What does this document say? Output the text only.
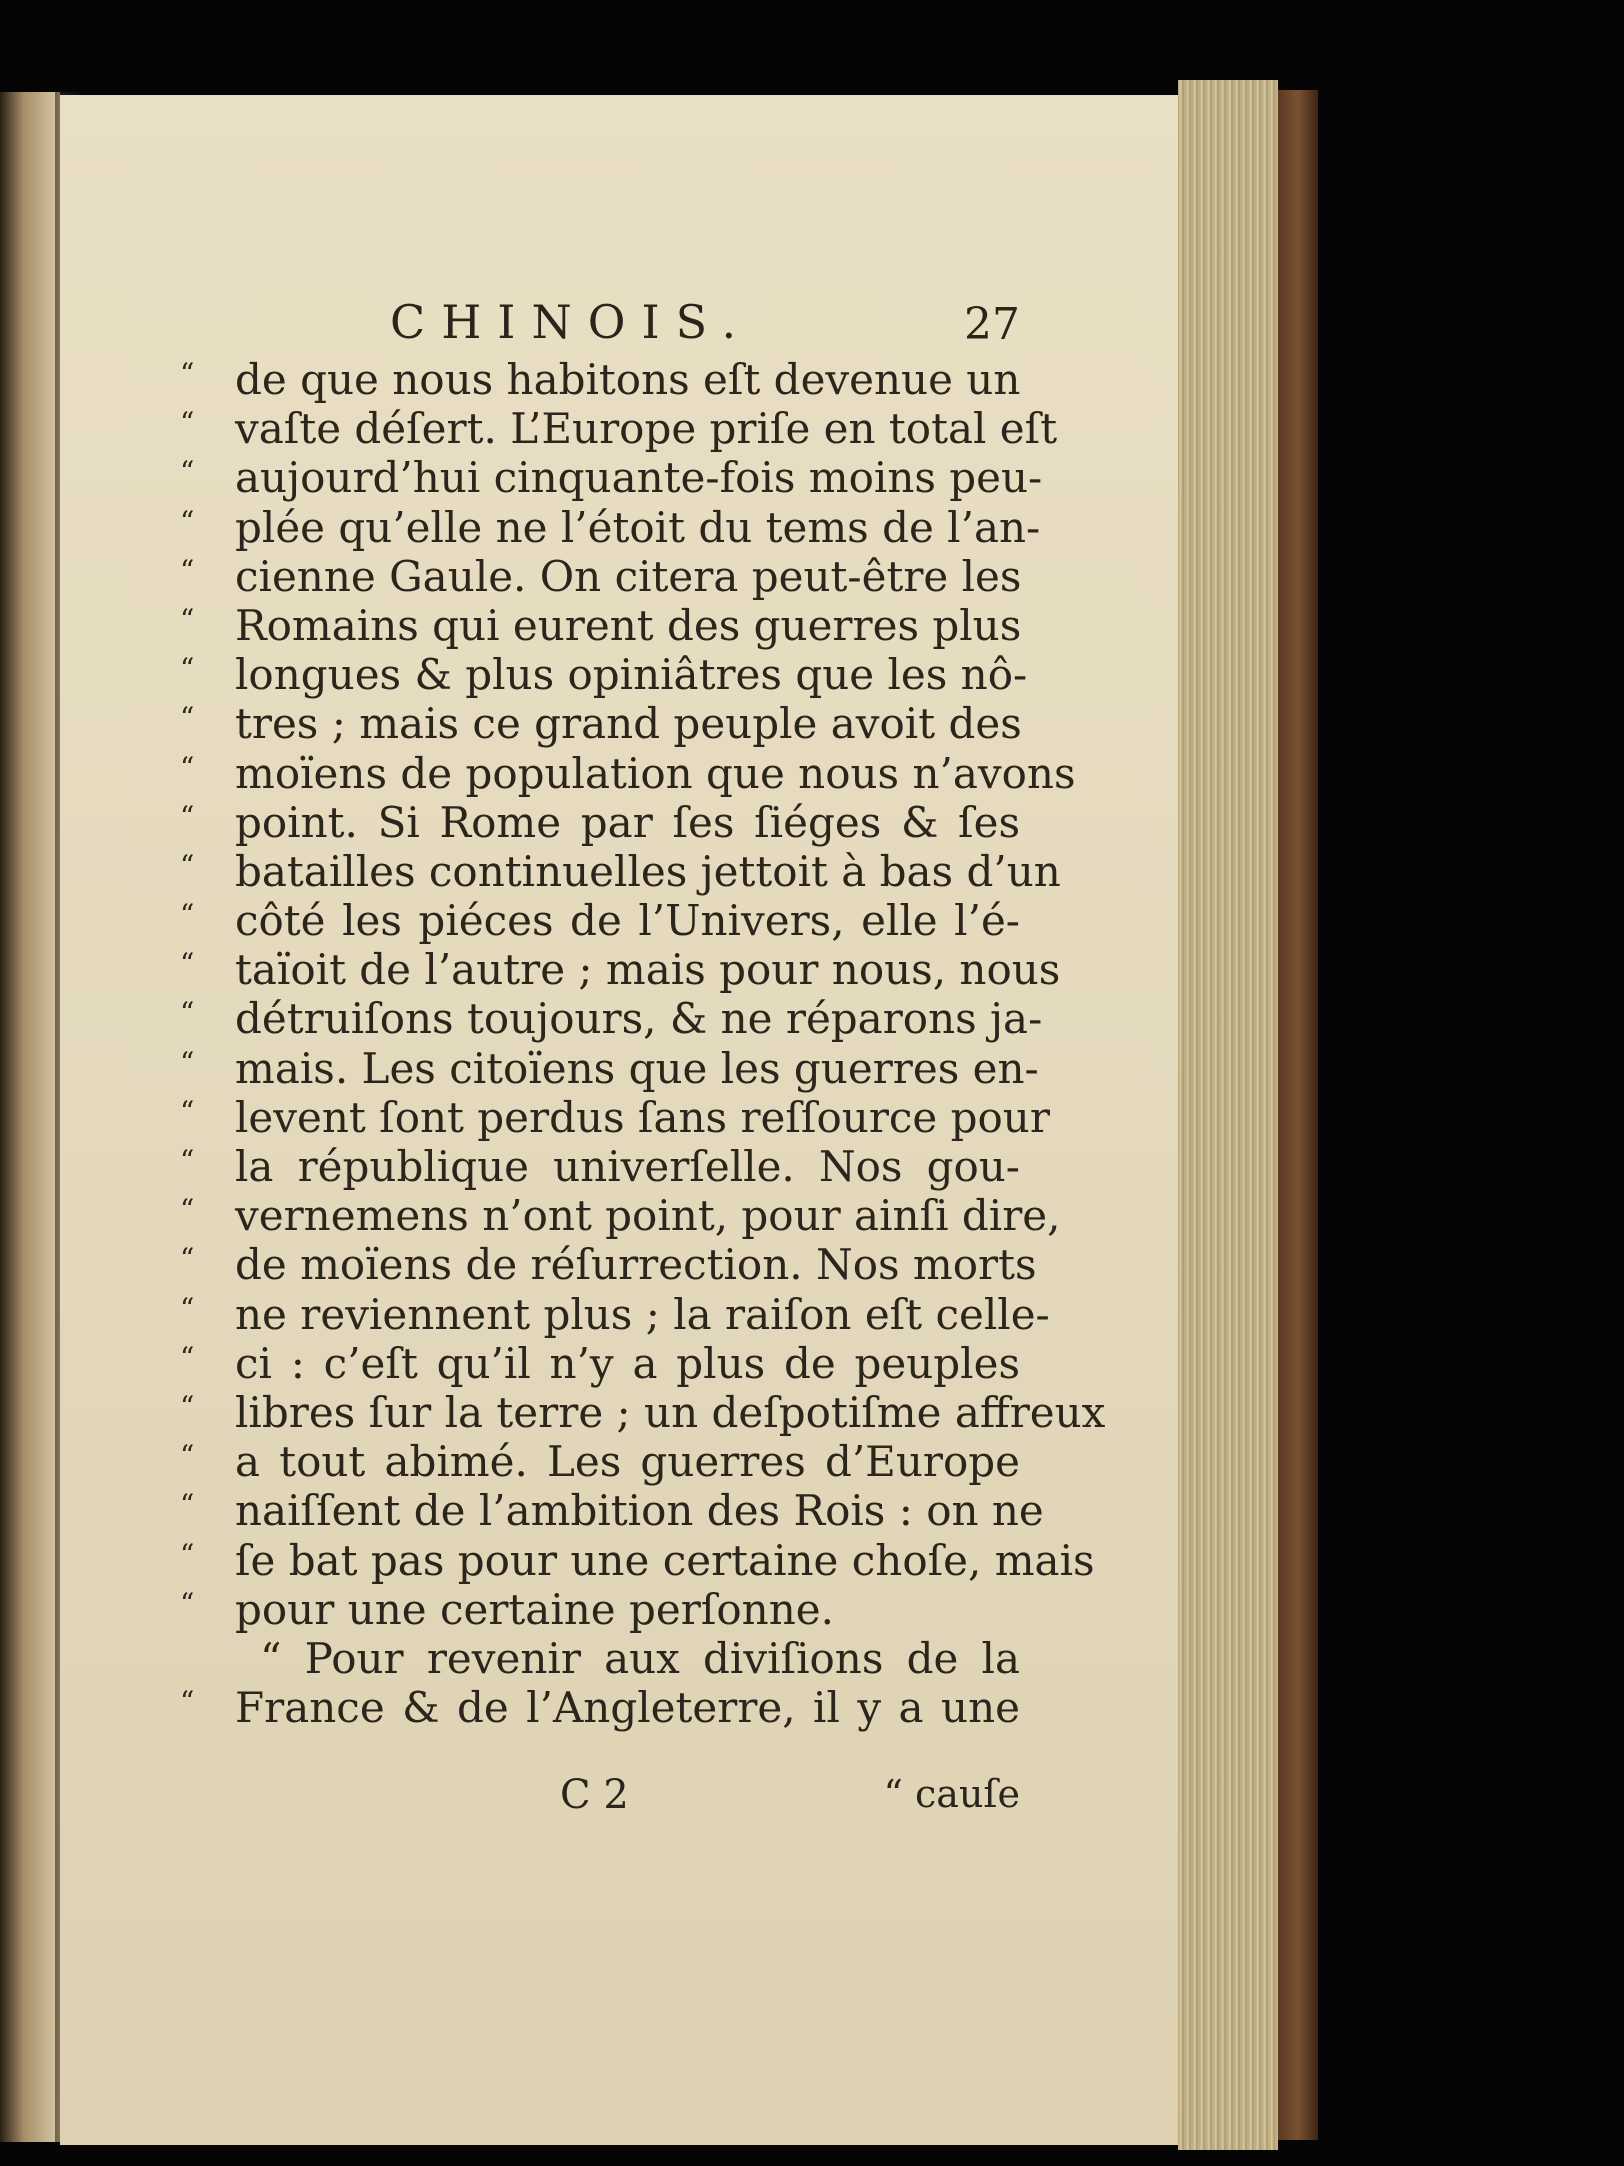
CHINOIS.	27
“ de que nous habitons eſt devenue un
“ vaſte déſert. L’Europe priſe en total eſt
“ aujourd’hui cinquante-fois moins peu-
“ plée qu’elle ne l’étoit du tems de l’an-
“ cienne Gaule. On citera peut-être les
“ Romains qui eurent des guerres plus
“ longues & plus opiniâtres que les nô-
“ tres ; mais ce grand peuple avoit des
“ moïens de population que nous n’avons
“ point. Si Rome par ſes ſiéges & ſes
“ batailles continuelles jettoit à bas d’un
“ côté les piéces de l’Univers, elle l’é-
“ taïoit de l’autre ; mais pour nous, nous
“ détruiſons toujours, & ne réparons ja-
“ mais. Les citoïens que les guerres en-
“ levent ſont perdus ſans reſſource pour
“ la république univerſelle. Nos gou-
“ vernemens n’ont point, pour ainſi dire,
“ de moïens de réſurrection. Nos morts
“ ne reviennent plus ; la raiſon eſt celle-
“ ci : c’eſt qu’il n’y a plus de peuples
“ libres ſur la terre ; un deſpotiſme affreux
“ a tout abimé. Les guerres d’Europe
“ naiſſent de l’ambition des Rois : on ne
“ ſe bat pas pour une certaine choſe, mais
“ pour une certaine perſonne.
“ Pour revenir aux diviſions de la
“ France & de l’Angleterre, il y a une
C 2	“ cauſe
